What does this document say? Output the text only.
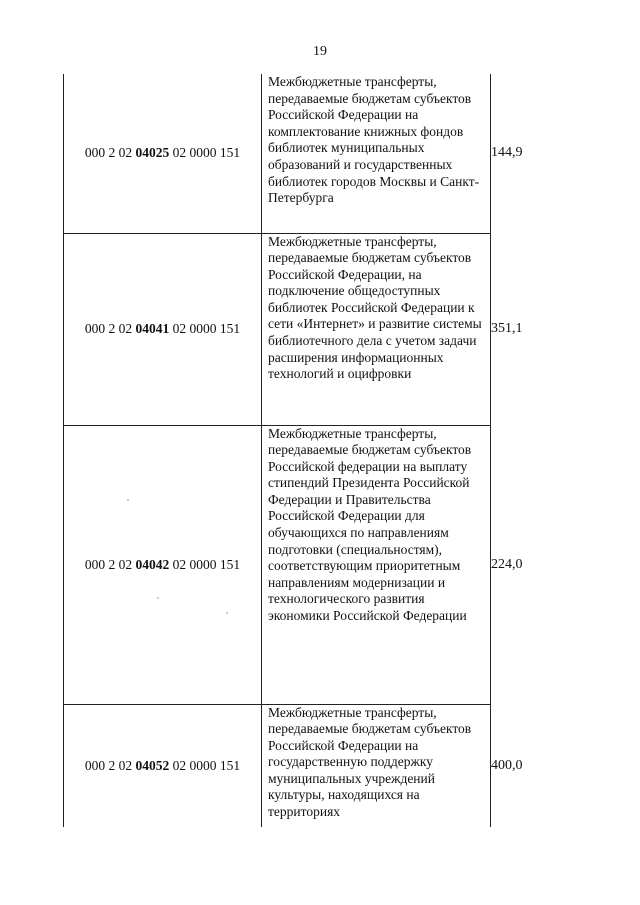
19
000 2 02 04025 02 0000 151	Межбюджетные трансферты, передаваемые бюджетам субъектов Российской Федерации на комплектование книжных фондов библиотек муниципальных образований и государственных библиотек городов Москвы и Санкт-Петербурга	144,9
000 2 02 04041 02 0000 151	Межбюджетные трансферты, передаваемые бюджетам субъектов Российской Федерации, на подключение общедоступных библиотек Российской Федерации к сети «Интернет» и развитие системы библиотечного дела с учетом задачи расширения информационных технологий и оцифровки	351,1
000 2 02 04042 02 0000 151	Межбюджетные трансферты, передаваемые бюджетам субъектов Российской федерации на выплату стипендий Президента Российской Федерации и Правительства Российской Федерации для обучающихся по направлениям подготовки (специальностям), соответствующим приоритетным направлениям модернизации и технологического развития экономики Российской Федерации	224,0
000 2 02 04052 02 0000 151	Межбюджетные трансферты, передаваемые бюджетам субъектов Российской Федерации на государственную поддержку муниципальных учреждений культуры, находящихся на территориях	400,0
